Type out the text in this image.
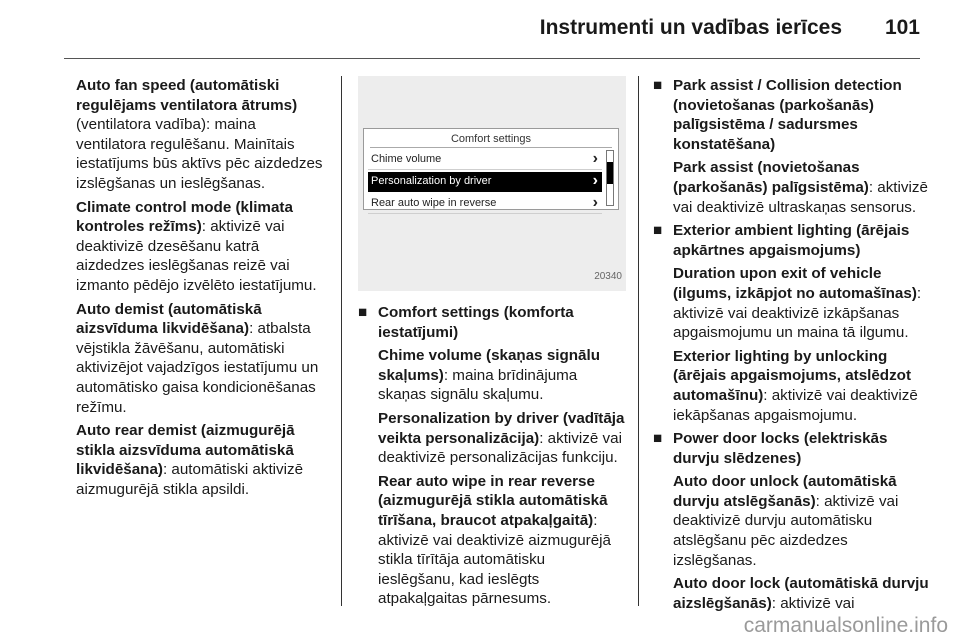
Instrumenti un vadības ierīces 101
Auto fan speed (automātiski regulējams ventilatora ātrums)
(ventilatora vadība): maina ventilatora regulēšanu. Mainītais iestatījums būs aktīvs pēc aizdedzes izslēgšanas un ieslēgšanas.
Climate control mode (klimata kontroles režīms): aktivizē vai deaktivizē dzesēšanu katrā aizdedzes ieslēgšanas reizē vai izmanto pēdējo izvēlēto iestatījumu.
Auto demist (automātiskā aizsvīduma likvidēšana): atbalsta vējstikla žāvēšanu, automātiski aktivizējot vajadzīgos iestatījumu un automātisko gaisa kondicionēšanas režīmu.
Auto rear demist (aizmugurējā stikla aizsvīduma automātiskā likvidēšana): automātiski aktivizē aizmugurējā stikla apsildi.
Comfort settings
Chime volume	›
Personalization by driver	›
Rear auto wipe in reverse	›
20340
■ Comfort settings (komforta iestatījumi)
Chime volume (skaņas signālu skaļums): maina brīdinājuma skaņas signālu skaļumu.
Personalization by driver (vadītāja veikta personalizācija): aktivizē vai deaktivizē personalizācijas funkciju.
Rear auto wipe in rear reverse (aizmugurējā stikla automātiskā tīrīšana, braucot atpakaļgaitā): aktivizē vai deaktivizē aizmugurējā stikla tīrītāja automātisku ieslēgšanu, kad ieslēgts atpakaļgaitas pārnesums.
■ Park assist / Collision detection (novietošanas (parkošanās) palīgsistēma / sadursmes konstatēšana)
Park assist (novietošanas (parkošanās) palīgsistēma): aktivizē vai deaktivizē ultraskaņas sensorus.
■ Exterior ambient lighting (ārējais apkārtnes apgaismojums)
Duration upon exit of vehicle (ilgums, izkāpjot no automašīnas): aktivizē vai deaktivizē izkāpšanas apgaismojumu un maina tā ilgumu.
Exterior lighting by unlocking (ārējais apgaismojums, atslēdzot automašīnu): aktivizē vai deaktivizē iekāpšanas apgaismojumu.
■ Power door locks (elektriskās durvju slēdzenes)
Auto door unlock (automātiskā durvju atslēgšanās): aktivizē vai deaktivizē durvju automātisku atslēgšanu pēc aizdedzes izslēgšanas.
Auto door lock (automātiskā durvju aizslēgšanās): aktivizē vai
carmanualsonline.info
